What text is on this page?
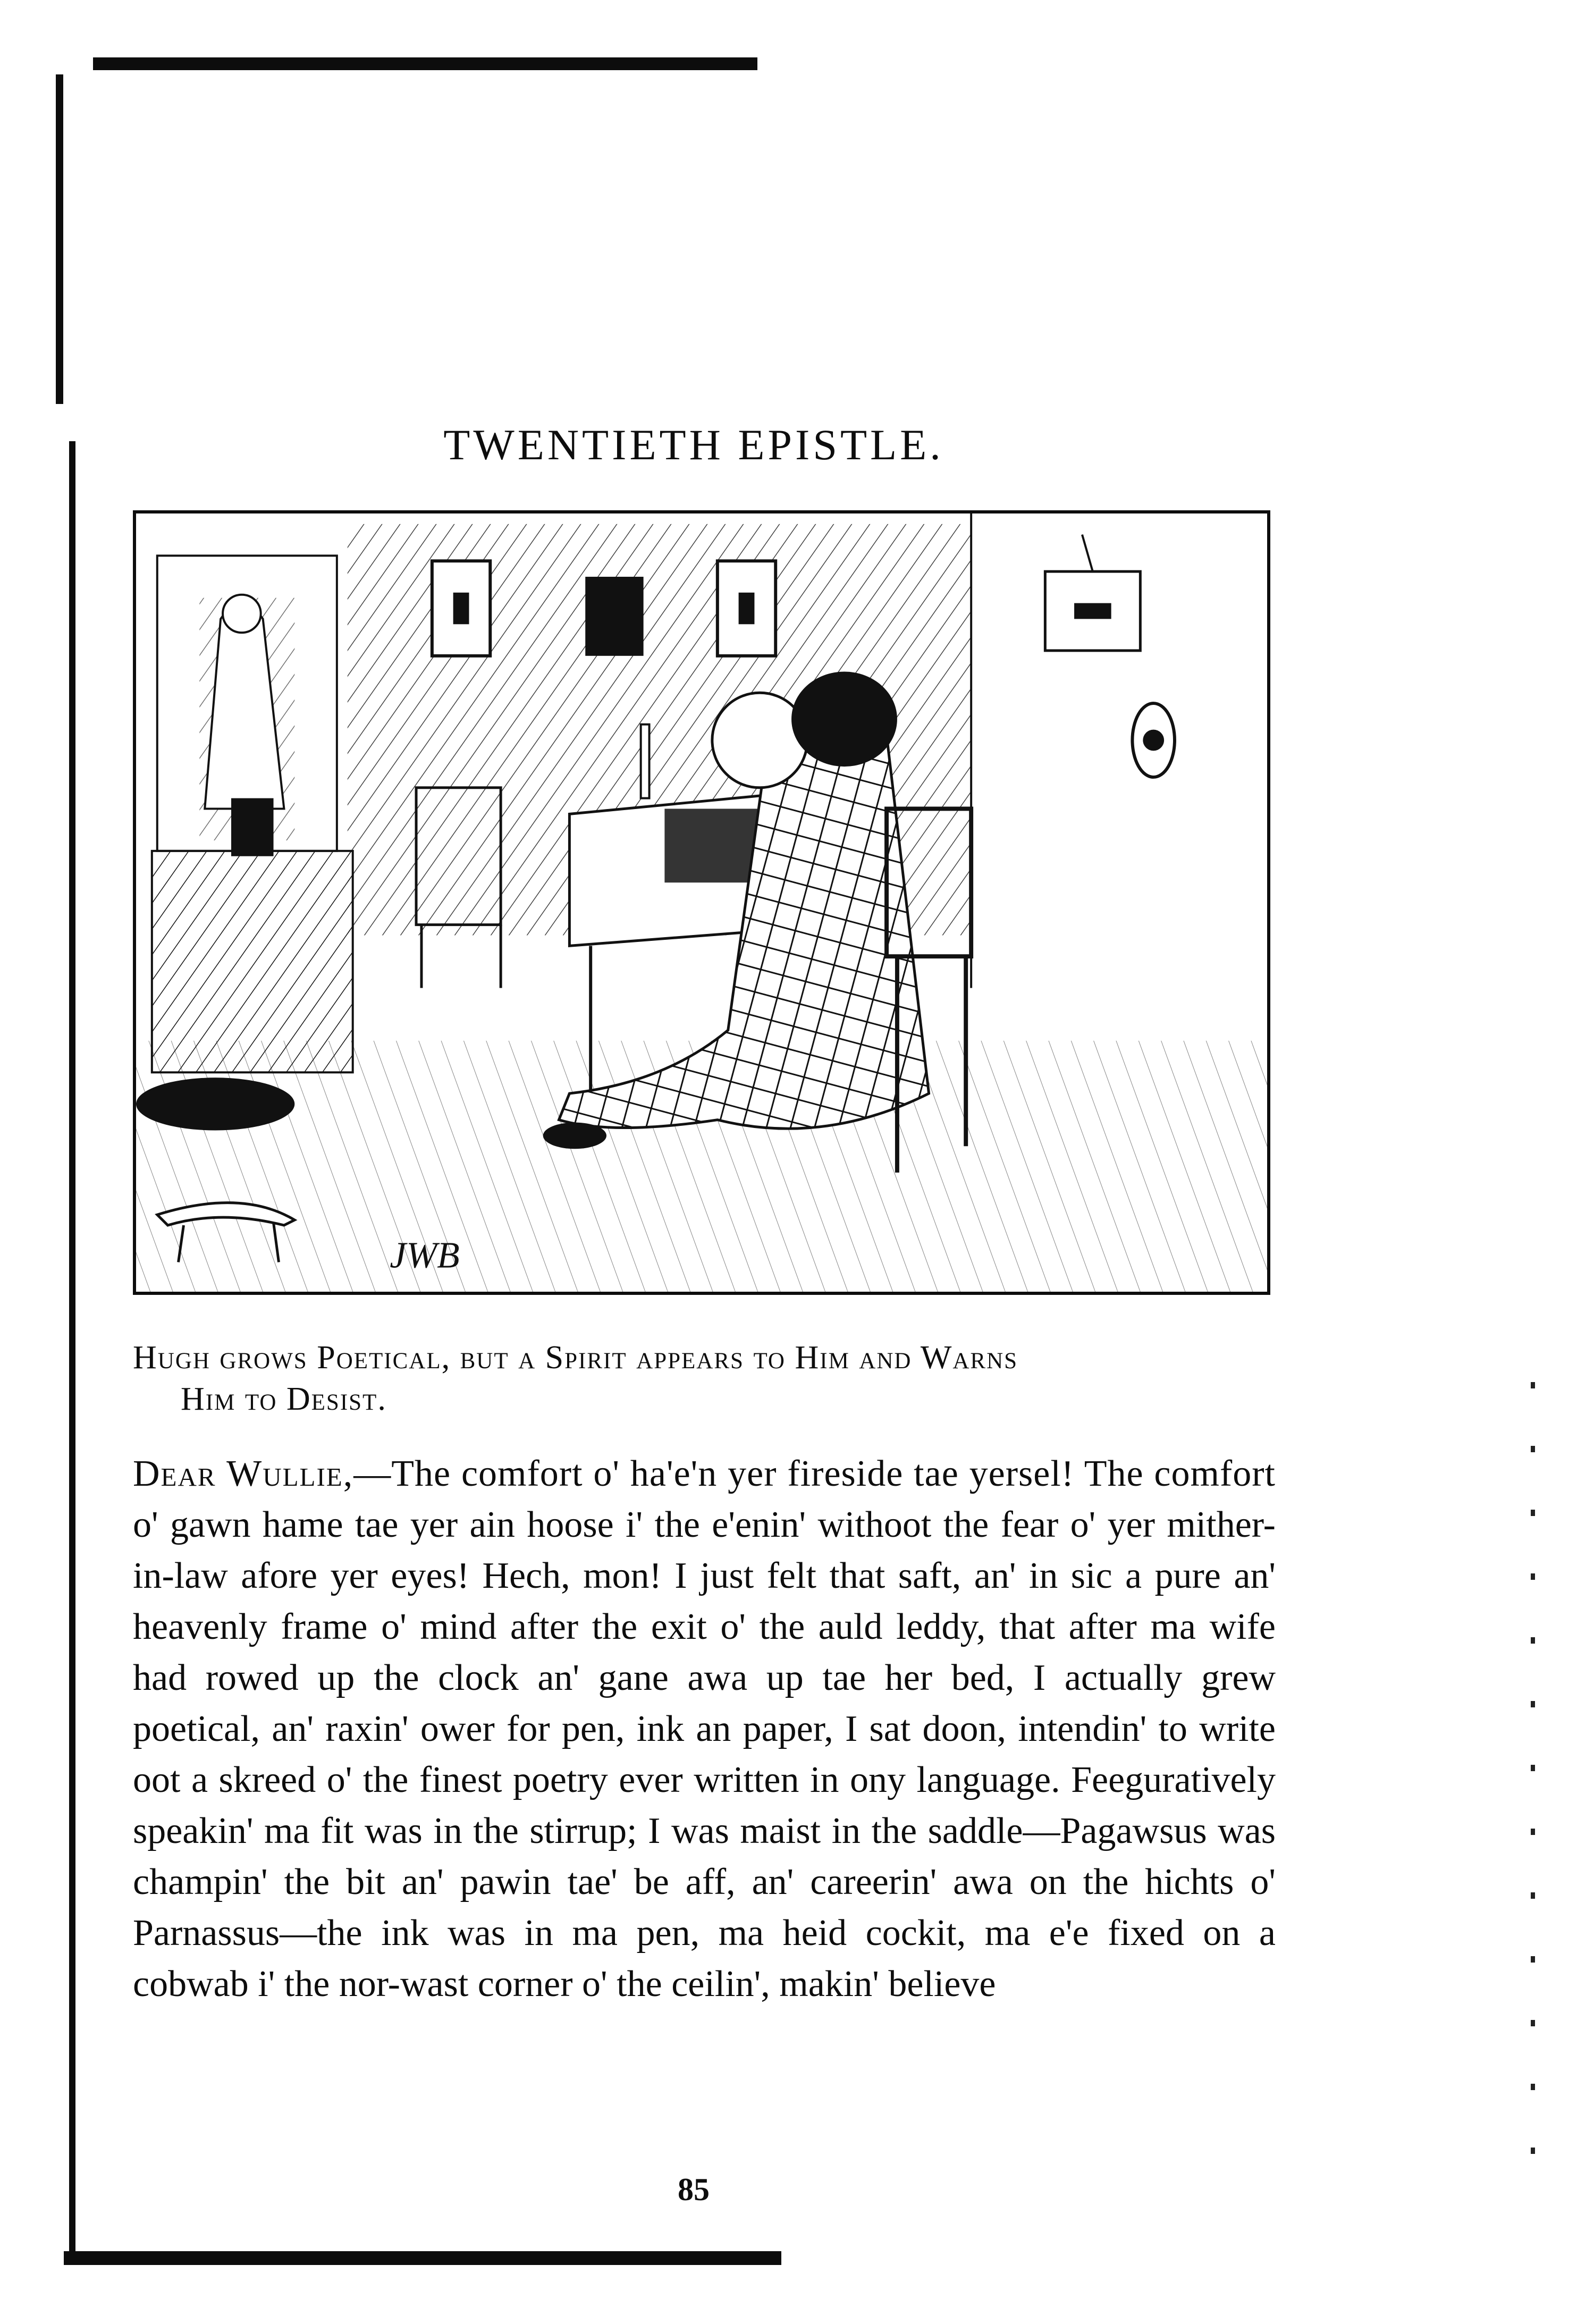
TWENTIETH EPISTLE.
JWB

Hugh grows Poetical, but a Spirit appears to Him and Warns
Him to Desist.

Dear Wullie,—The comfort o' ha'e'n yer fireside tae yersel! The comfort o' gawn hame tae yer ain hoose i' the e'enin' withoot the fear o' yer mither-in-law afore yer eyes! Hech, mon! I just felt that saft, an' in sic a pure an' heavenly frame o' mind after the exit o' the auld leddy, that after ma wife had rowed up the clock an' gane awa up tae her bed, I actually grew poetical, an' raxin' ower for pen, ink an paper, I sat doon, intendin' to write oot a skreed o' the finest poetry ever written in ony language. Feeguratively speakin' ma fit was in the stirrup; I was maist in the saddle—Pagawsus was champin' the bit an' pawin tae' be aff, an' careerin' awa on the hichts o' Parnassus—the ink was in ma pen, ma heid cockit, ma e'e fixed on a cobwab i' the nor-wast corner o' the ceilin', makin' believe

85
